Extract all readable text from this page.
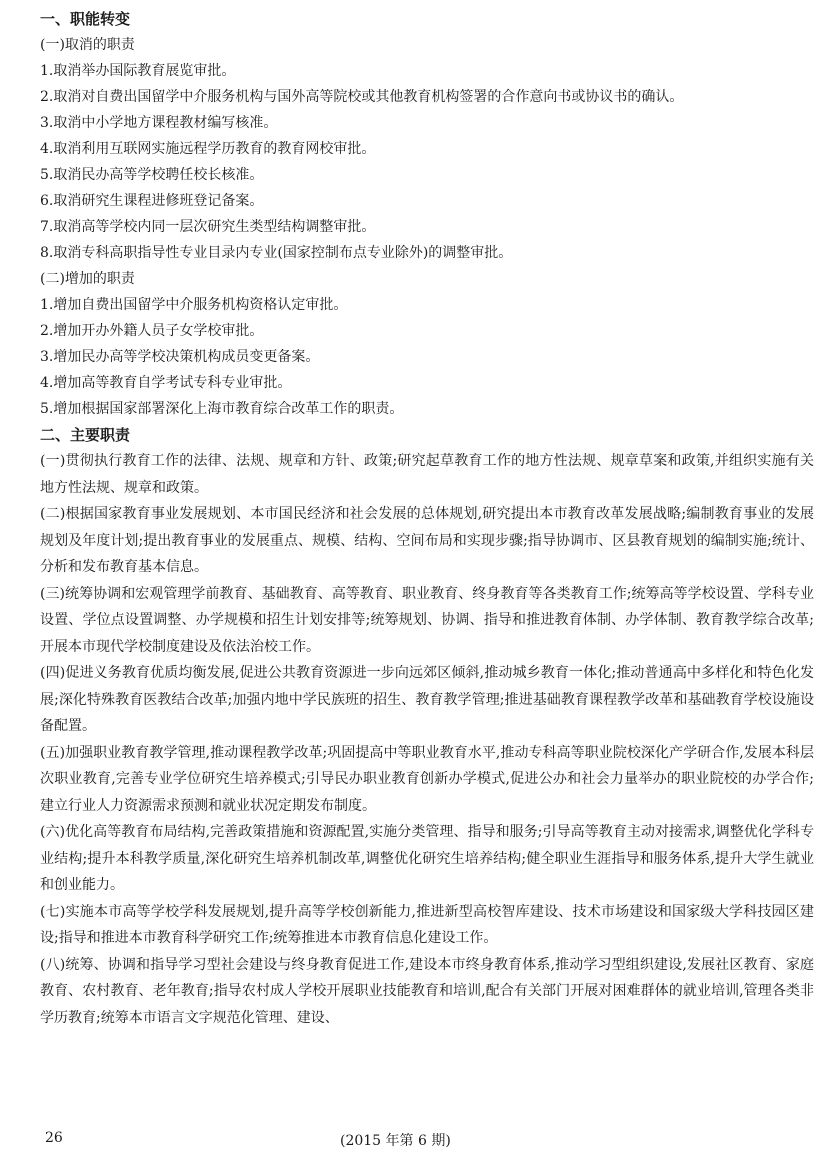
一、职能转变
(一)取消的职责
1.取消举办国际教育展览审批。
2.取消对自费出国留学中介服务机构与国外高等院校或其他教育机构签署的合作意向书或协议书的确认。
3.取消中小学地方课程教材编写核准。
4.取消利用互联网实施远程学历教育的教育网校审批。
5.取消民办高等学校聘任校长核准。
6.取消研究生课程进修班登记备案。
7.取消高等学校内同一层次研究生类型结构调整审批。
8.取消专科高职指导性专业目录内专业(国家控制布点专业除外)的调整审批。
(二)增加的职责
1.增加自费出国留学中介服务机构资格认定审批。
2.增加开办外籍人员子女学校审批。
3.增加民办高等学校决策机构成员变更备案。
4.增加高等教育自学考试专科专业审批。
5.增加根据国家部署深化上海市教育综合改革工作的职责。
二、主要职责
(一)贯彻执行教育工作的法律、法规、规章和方针、政策;研究起草教育工作的地方性法规、规章草案和政策,并组织实施有关地方性法规、规章和政策。
(二)根据国家教育事业发展规划、本市国民经济和社会发展的总体规划,研究提出本市教育改革发展战略;编制教育事业的发展规划及年度计划;提出教育事业的发展重点、规模、结构、空间布局和实现步骤;指导协调市、区县教育规划的编制实施;统计、分析和发布教育基本信息。
(三)统筹协调和宏观管理学前教育、基础教育、高等教育、职业教育、终身教育等各类教育工作;统筹高等学校设置、学科专业设置、学位点设置调整、办学规模和招生计划安排等;统筹规划、协调、指导和推进教育体制、办学体制、教育教学综合改革;开展本市现代学校制度建设及依法治校工作。
(四)促进义务教育优质均衡发展,促进公共教育资源进一步向远郊区倾斜,推动城乡教育一体化;推动普通高中多样化和特色化发展;深化特殊教育医教结合改革;加强内地中学民族班的招生、教育教学管理;推进基础教育课程教学改革和基础教育学校设施设备配置。
(五)加强职业教育教学管理,推动课程教学改革;巩固提高中等职业教育水平,推动专科高等职业院校深化产学研合作,发展本科层次职业教育,完善专业学位研究生培养模式;引导民办职业教育创新办学模式,促进公办和社会力量举办的职业院校的办学合作;建立行业人力资源需求预测和就业状况定期发布制度。
(六)优化高等教育布局结构,完善政策措施和资源配置,实施分类管理、指导和服务;引导高等教育主动对接需求,调整优化学科专业结构;提升本科教学质量,深化研究生培养机制改革,调整优化研究生培养结构;健全职业生涯指导和服务体系,提升大学生就业和创业能力。
(七)实施本市高等学校学科发展规划,提升高等学校创新能力,推进新型高校智库建设、技术市场建设和国家级大学科技园区建设;指导和推进本市教育科学研究工作;统筹推进本市教育信息化建设工作。
(八)统筹、协调和指导学习型社会建设与终身教育促进工作,建设本市终身教育体系,推动学习型组织建设,发展社区教育、家庭教育、农村教育、老年教育;指导农村成人学校开展职业技能教育和培训,配合有关部门开展对困难群体的就业培训,管理各类非学历教育;统筹本市语言文字规范化管理、建设、
26	(2015 年第 6 期)
